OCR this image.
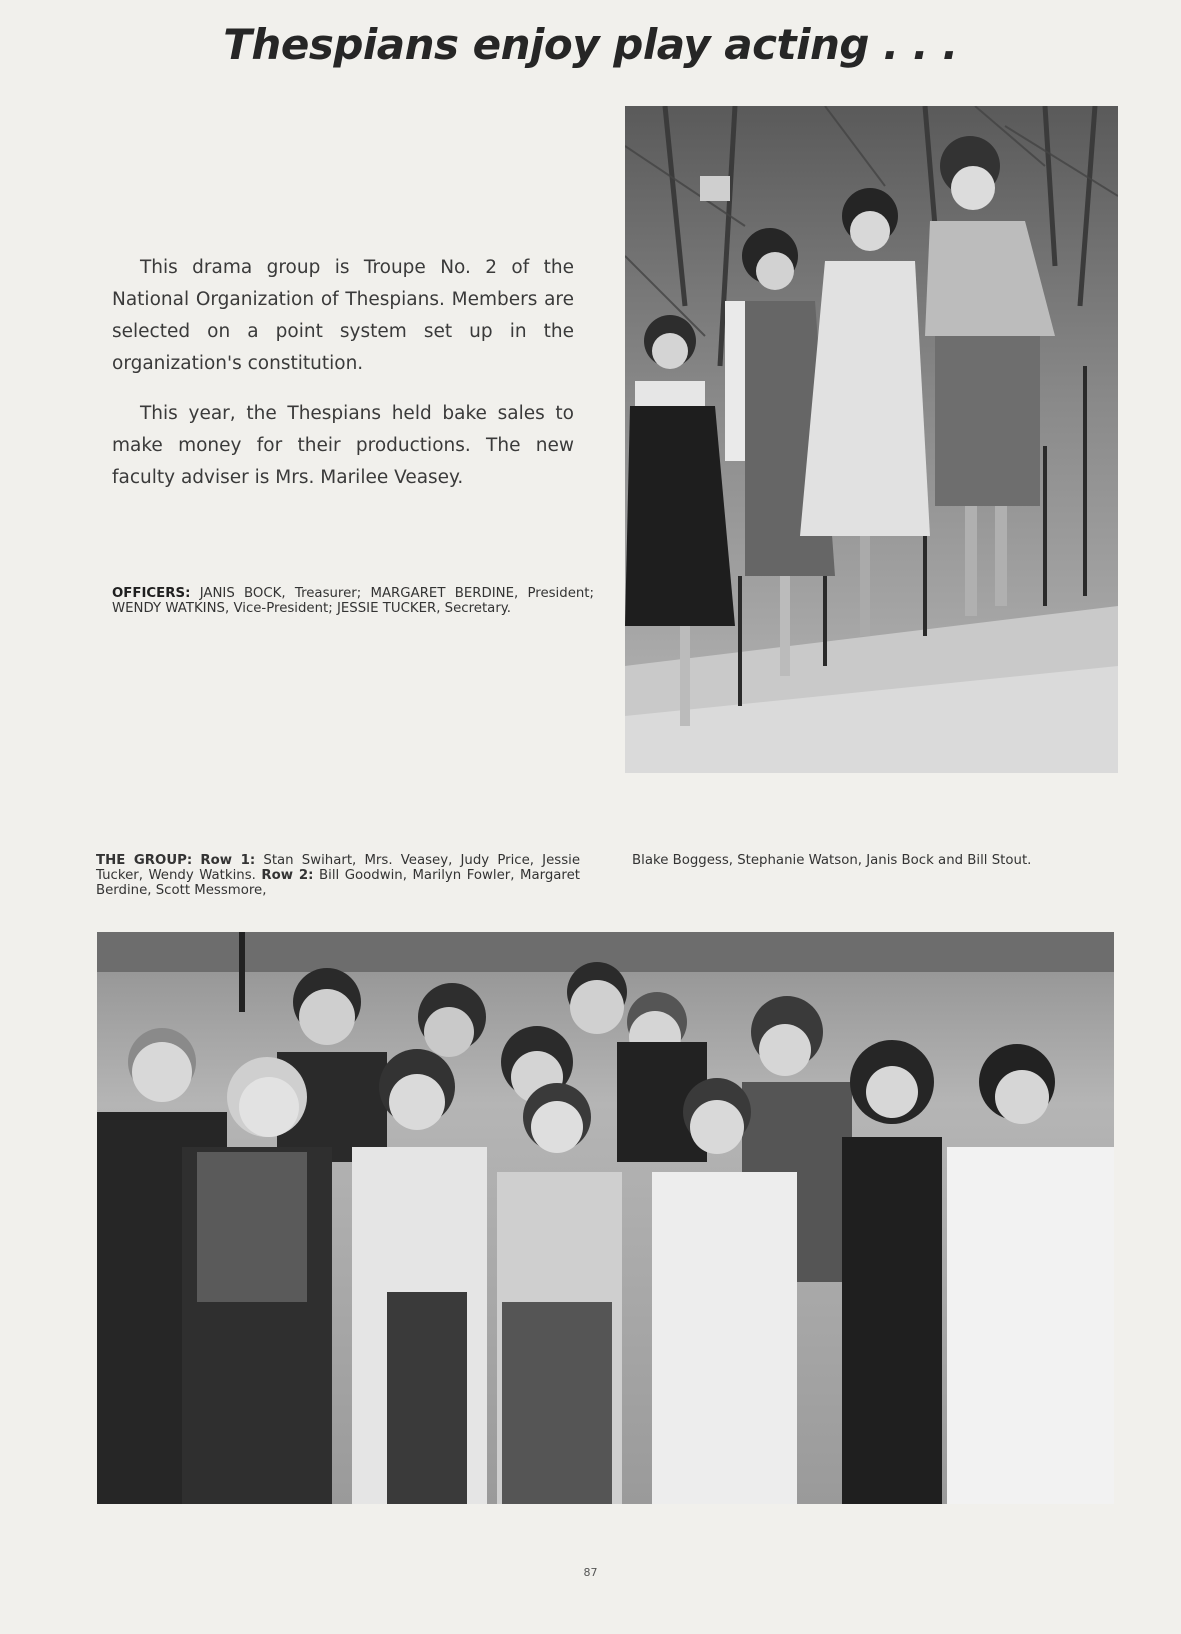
Thespians enjoy play acting . . .

This drama group is Troupe No. 2 of the National Organization of Thespians. Members are selected on a point system set up in the organization's constitution.

This year, the Thespians held bake sales to make money for their productions. The new faculty adviser is Mrs. Marilee Veasey.

OFFICERS: JANIS BOCK, Treasurer; MARGARET BERDINE, President; WENDY WATKINS, Vice-President; JESSIE TUCKER, Secretary.
THE GROUP: Row 1: Stan Swihart, Mrs. Veasey, Judy Price, Jessie Tucker, Wendy Watkins. Row 2: Bill Goodwin, Marilyn Fowler, Margaret Berdine, Scott Messmore,
Blake Boggess, Stephanie Watson, Janis Bock and Bill Stout.
87
